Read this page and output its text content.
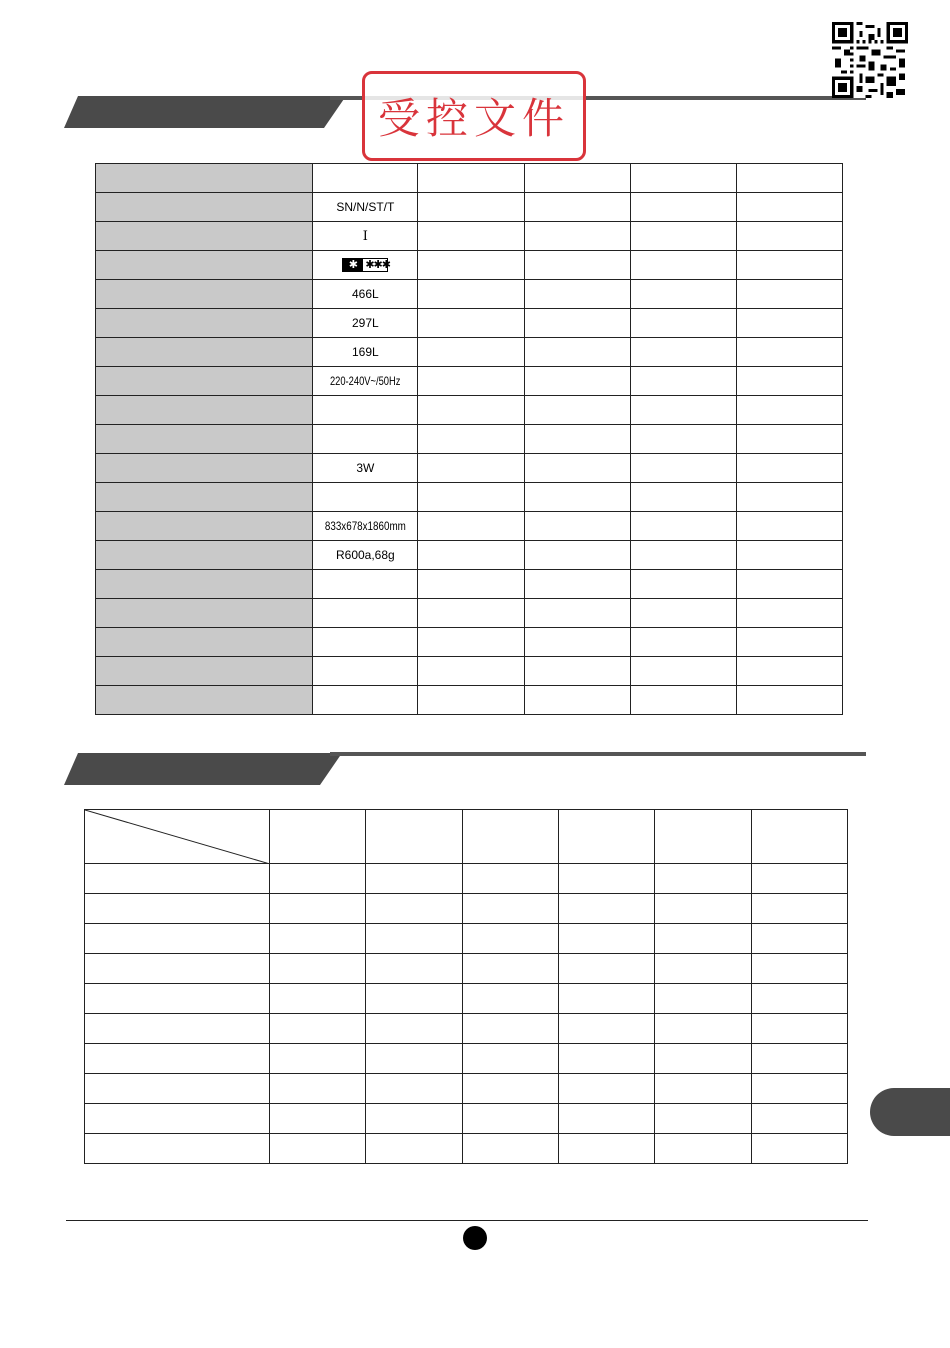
受控文件

	SN/N/ST/T				
	I				

	✱ ✱✱✱				

	466L				
	297L				
	169L				
	220-240V~/50Hz				

	3W				

	833x678x1860mm				
	R600a,68g				
